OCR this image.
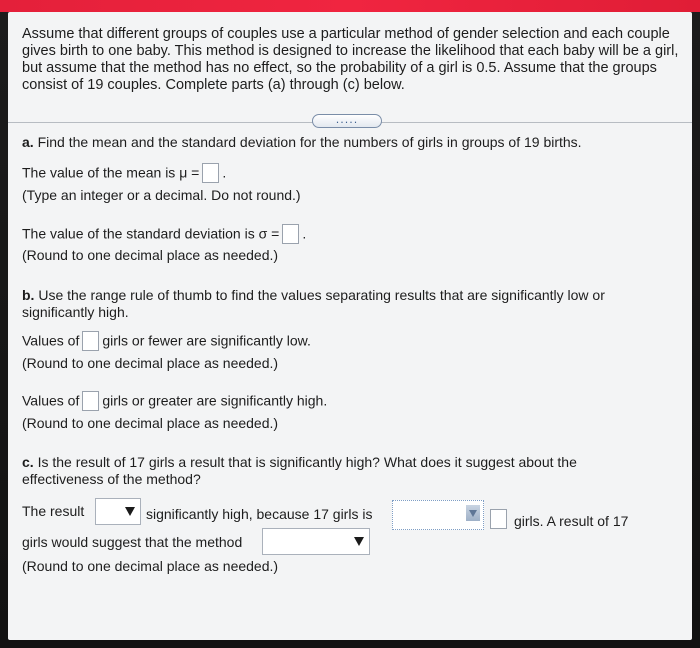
Assume that different groups of couples use a particular method of gender selection and each couple gives birth to one baby. This method is designed to increase the likelihood that each baby will be a girl, but assume that the method has no effect, so the probability of a girl is 0.5. Assume that the groups consist of 19 couples. Complete parts (a) through (c) below.

.....

a. Find the mean and the standard deviation for the numbers of girls in groups of 19 births.

The value of the mean is μ = .

(Type an integer or a decimal. Do not round.)

The value of the standard deviation is σ = .

(Round to one decimal place as needed.)

b. Use the range rule of thumb to find the values separating results that are significantly low or
significantly high.

Values of girls or fewer are significantly low.

(Round to one decimal place as needed.)

Values of girls or greater are significantly high.

(Round to one decimal place as needed.)

c. Is the result of 17 girls a result that is significantly high? What does it suggest about the
effectiveness of the method?

The result	significantly high, because 17 girls is	girls. A result of 17

girls would suggest that the method

(Round to one decimal place as needed.)
